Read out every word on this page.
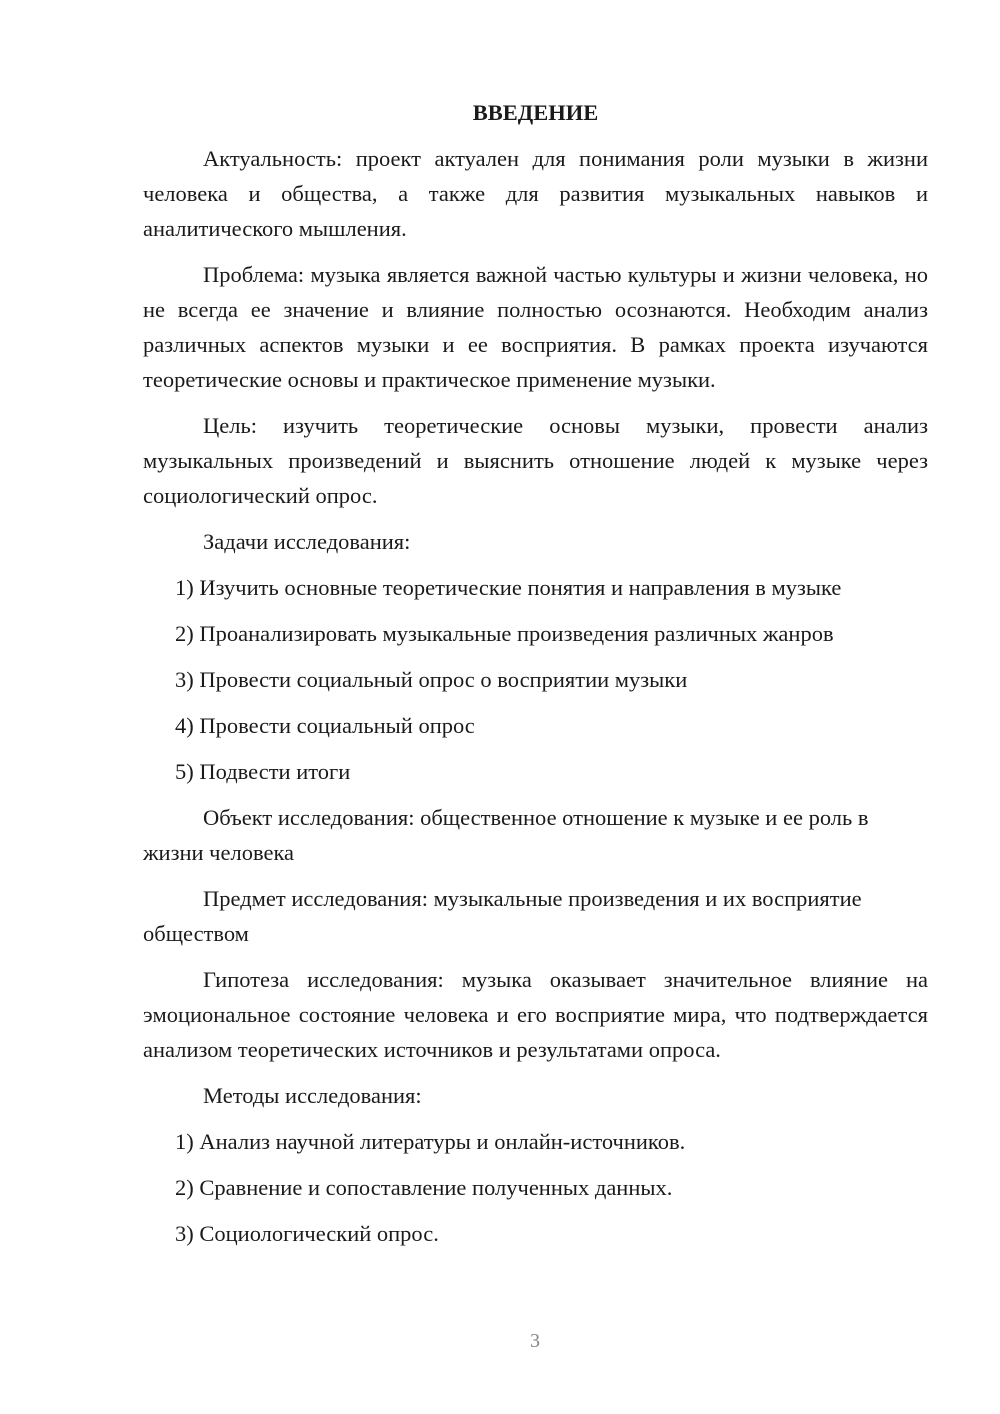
ВВЕДЕНИЕ

Актуальность: проект актуален для понимания роли музыки в жизни человека и общества, а также для развития музыкальных навыков и аналитического мышления.

Проблема: музыка является важной частью культуры и жизни человека, но не всегда ее значение и влияние полностью осознаются. Необходим анализ различных аспектов музыки и ее восприятия. В рамках проекта изучаются теоретические основы и практическое применение музыки.

Цель: изучить теоретические основы музыки, провести анализ музыкальных произведений и выяснить отношение людей к музыке через социологический опрос.

Задачи исследования:

1) Изучить основные теоретические понятия и направления в музыке
2) Проанализировать музыкальные произведения различных жанров
3) Провести социальный опрос о восприятии музыки
4) Провести социальный опрос
5) Подвести итоги

Объект исследования: общественное отношение к музыке и ее роль в жизни человека

Предмет исследования: музыкальные произведения и их восприятие обществом

Гипотеза исследования: музыка оказывает значительное влияние на эмоциональное состояние человека и его восприятие мира, что подтверждается анализом теоретических источников и результатами опроса.

Методы исследования:

1) Анализ научной литературы и онлайн-источников.
2) Сравнение и сопоставление полученных данных.
3) Социологический опрос.
3
